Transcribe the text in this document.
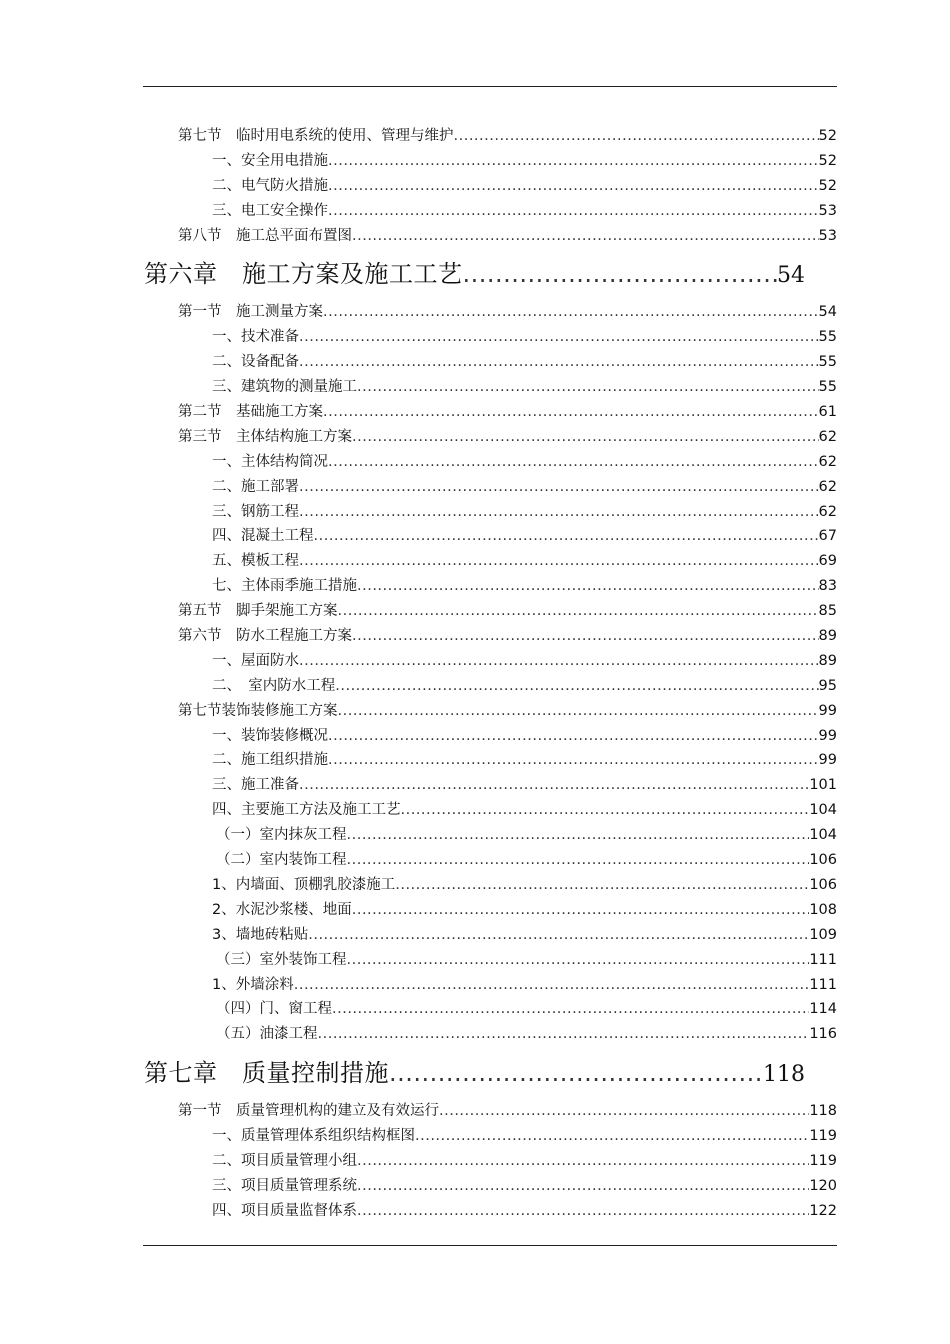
第七节　临时用电系统的使用、管理与维护 .....	52
一、安全用电措施 .....	52
二、电气防火措施 .....	52
三、电工安全操作 .....	53
第八节　施工总平面布置图 .....	53
第六章　施工方案及施工工艺 .....	54
第一节　施工测量方案 .....	54
一、技术准备 .....	55
二、设备配备 .....	55
三、建筑物的测量施工 .....	55
第二节　基础施工方案 .....	61
第三节　主体结构施工方案 .....	62
一、主体结构简况 .....	62
二、施工部署 .....	62
三、钢筋工程 .....	62
四、混凝土工程 .....	67
五、模板工程 .....	69
七、主体雨季施工措施 .....	83
第五节　脚手架施工方案 .....	85
第六节　防水工程施工方案 .....	89
一、屋面防水 .....	89
二、　室内防水工程 .....	95
第七节装饰装修施工方案 .....	99
一、装饰装修概况 .....	99
二、施工组织措施 .....	99
三、施工准备 .....	101
四、主要施工方法及施工工艺 .....	104
（一）室内抹灰工程 .....	104
（二）室内装饰工程 .....	106
1、内墙面、顶棚乳胶漆施工 .....	106
2、水泥沙浆楼、地面 .....	108
3、墙地砖粘贴 .....	109
（三）室外装饰工程 .....	111
1、外墙涂料 .....	111
（四）门、窗工程 .....	114
（五）油漆工程 .....	116
第七章　质量控制措施 .....	118
第一节　质量管理机构的建立及有效运行 .....	118
一、质量管理体系组织结构框图 .....	119
二、项目质量管理小组 .....	119
三、项目质量管理系统 .....	120
四、项目质量监督体系 .....	122
